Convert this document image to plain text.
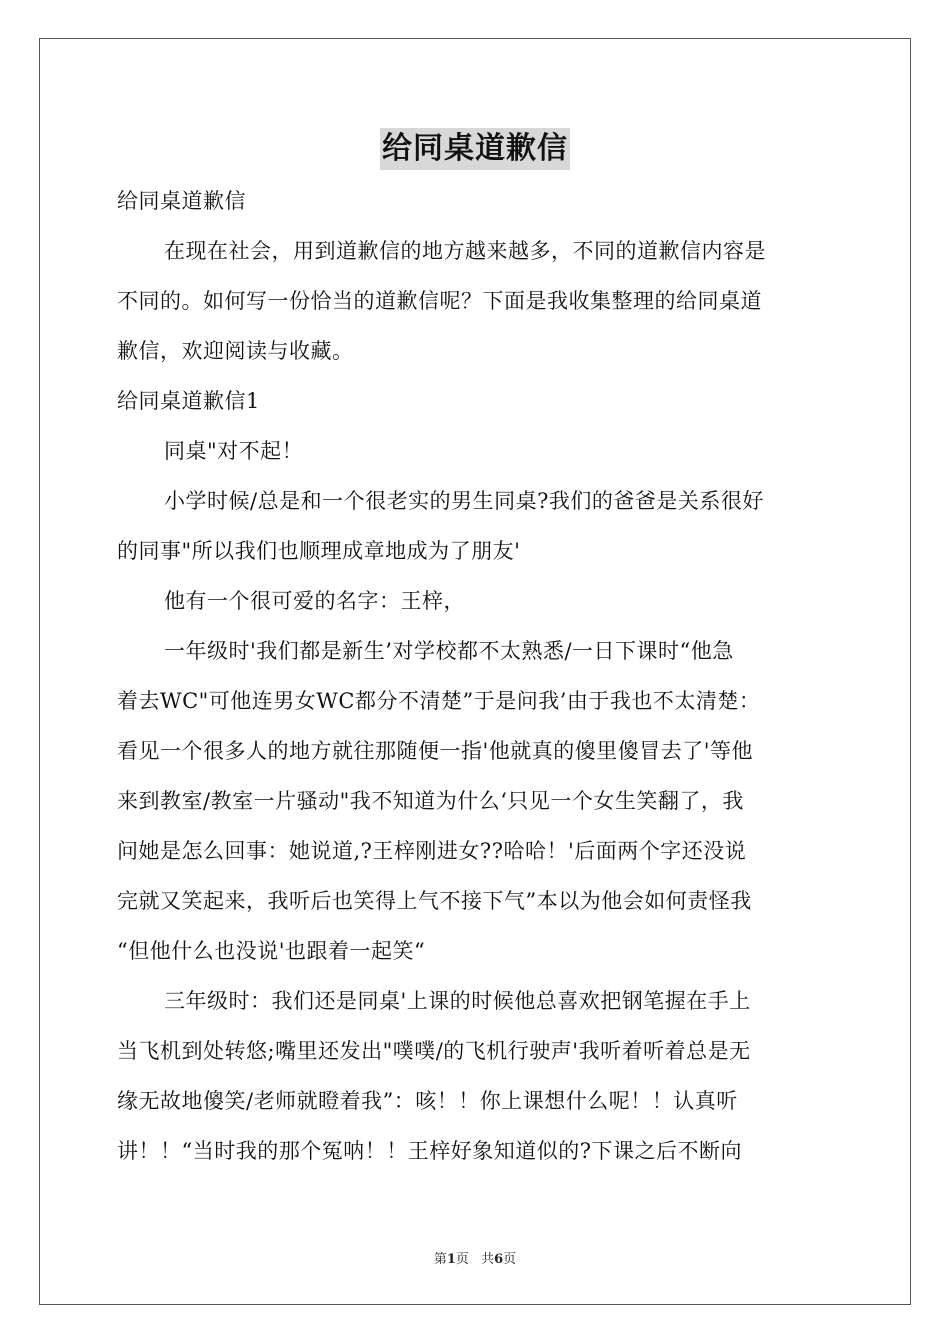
给同桌道歉信
给同桌道歉信
在现在社会，用到道歉信的地方越来越多，不同的道歉信内容是
不同的。如何写一份恰当的道歉信呢？下面是我收集整理的给同桌道
歉信，欢迎阅读与收藏。
给同桌道歉信1
同桌"对不起！
小学时候/总是和一个很老实的男生同桌?我们的爸爸是关系很好
的同事"所以我们也顺理成章地成为了朋友'
他有一个很可爱的名字：王梓，
一年级时'我们都是新生’对学校都不太熟悉/一日下课时“他急
着去WC"可他连男女WC都分不清楚”于是问我’由于我也不太清楚：
看见一个很多人的地方就往那随便一指'他就真的傻里傻冒去了'等他
来到教室/教室一片骚动"我不知道为什么‘只见一个女生笑翻了，我
问她是怎么回事：她说道,?王梓刚进女??哈哈！'后面两个字还没说
完就又笑起来，我听后也笑得上气不接下气”本以为他会如何责怪我
“但他什么也没说'也跟着一起笑“
三年级时：我们还是同桌'上课的时候他总喜欢把钢笔握在手上
当飞机到处转悠;嘴里还发出"噗噗/的飞机行驶声'我听着听着总是无
缘无故地傻笑/老师就瞪着我”：咳！！你上课想什么呢！！认真听
讲！！“当时我的那个冤呐！！王梓好象知道似的?下课之后不断向
第1页 共6页
